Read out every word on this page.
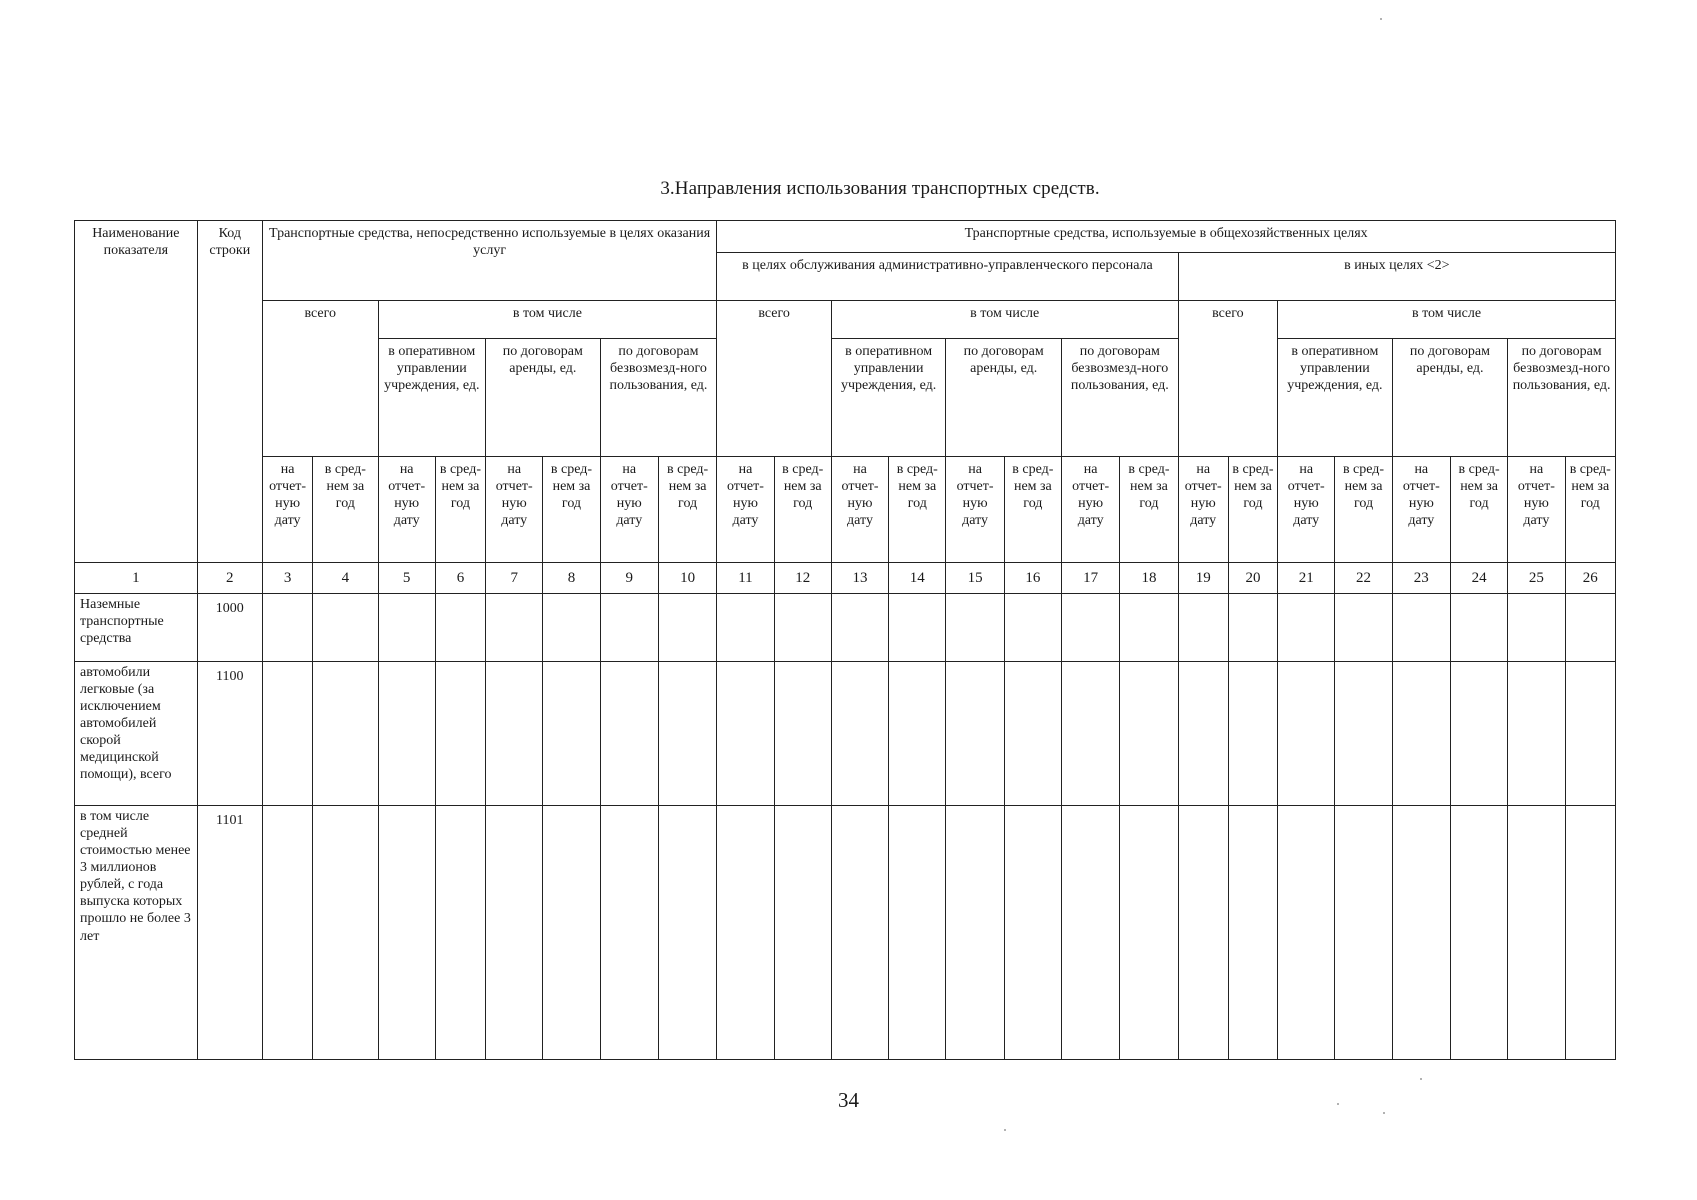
3.Направления использования транспортных средств.
Наименование показателя	Код строки	Транспортные средства, непосредственно используемые в целях оказания услуг								Транспортные средства, используемые в общехозяйственных целях															
										в целях обслуживания административно-управленческого персонала								в иных целях <2>							
		всего		в том числе						всего		в том числе						всего		в том числе					
				в оперативном управлении учреждения, ед.		по договорам аренды, ед.		по договорам безвозмезд-ного пользования, ед.				в оперативном управлении учреждения, ед.		по договорам аренды, ед.		по договорам безвозмезд-ного пользования, ед.				в оперативном управлении учреждения, ед.		по договорам аренды, ед.		по договорам безвозмезд-ного пользования, ед.	
		на отчет-ную дату	в сред-нем за год	на отчет-ную дату	в сред-нем за год	на отчет-ную дату	в сред-нем за год	на отчет-ную дату	в сред-нем за год	на отчет-ную дату	в сред-нем за год	на отчет-ную дату	в сред-нем за год	на отчет-ную дату	в сред-нем за год	на отчет-ную дату	в сред-нем за год	на отчет-ную дату	в сред-нем за год	на отчет-ную дату	в сред-нем за год	на отчет-ную дату	в сред-нем за год	на отчет-ную дату	в сред-нем за год
1	2	3	4	5	6	7	8	9	10	11	12	13	14	15	16	17	18	19	20	21	22	23	24	25	26
Наземные транспортные средства	1000																								
автомобили легковые (за исключением автомобилей скорой медицинской помощи), всего	1100																								
в том числе средней стоимостью менее 3 миллионов рублей, с года выпуска которых прошло не более 3 лет	1101																								
34
